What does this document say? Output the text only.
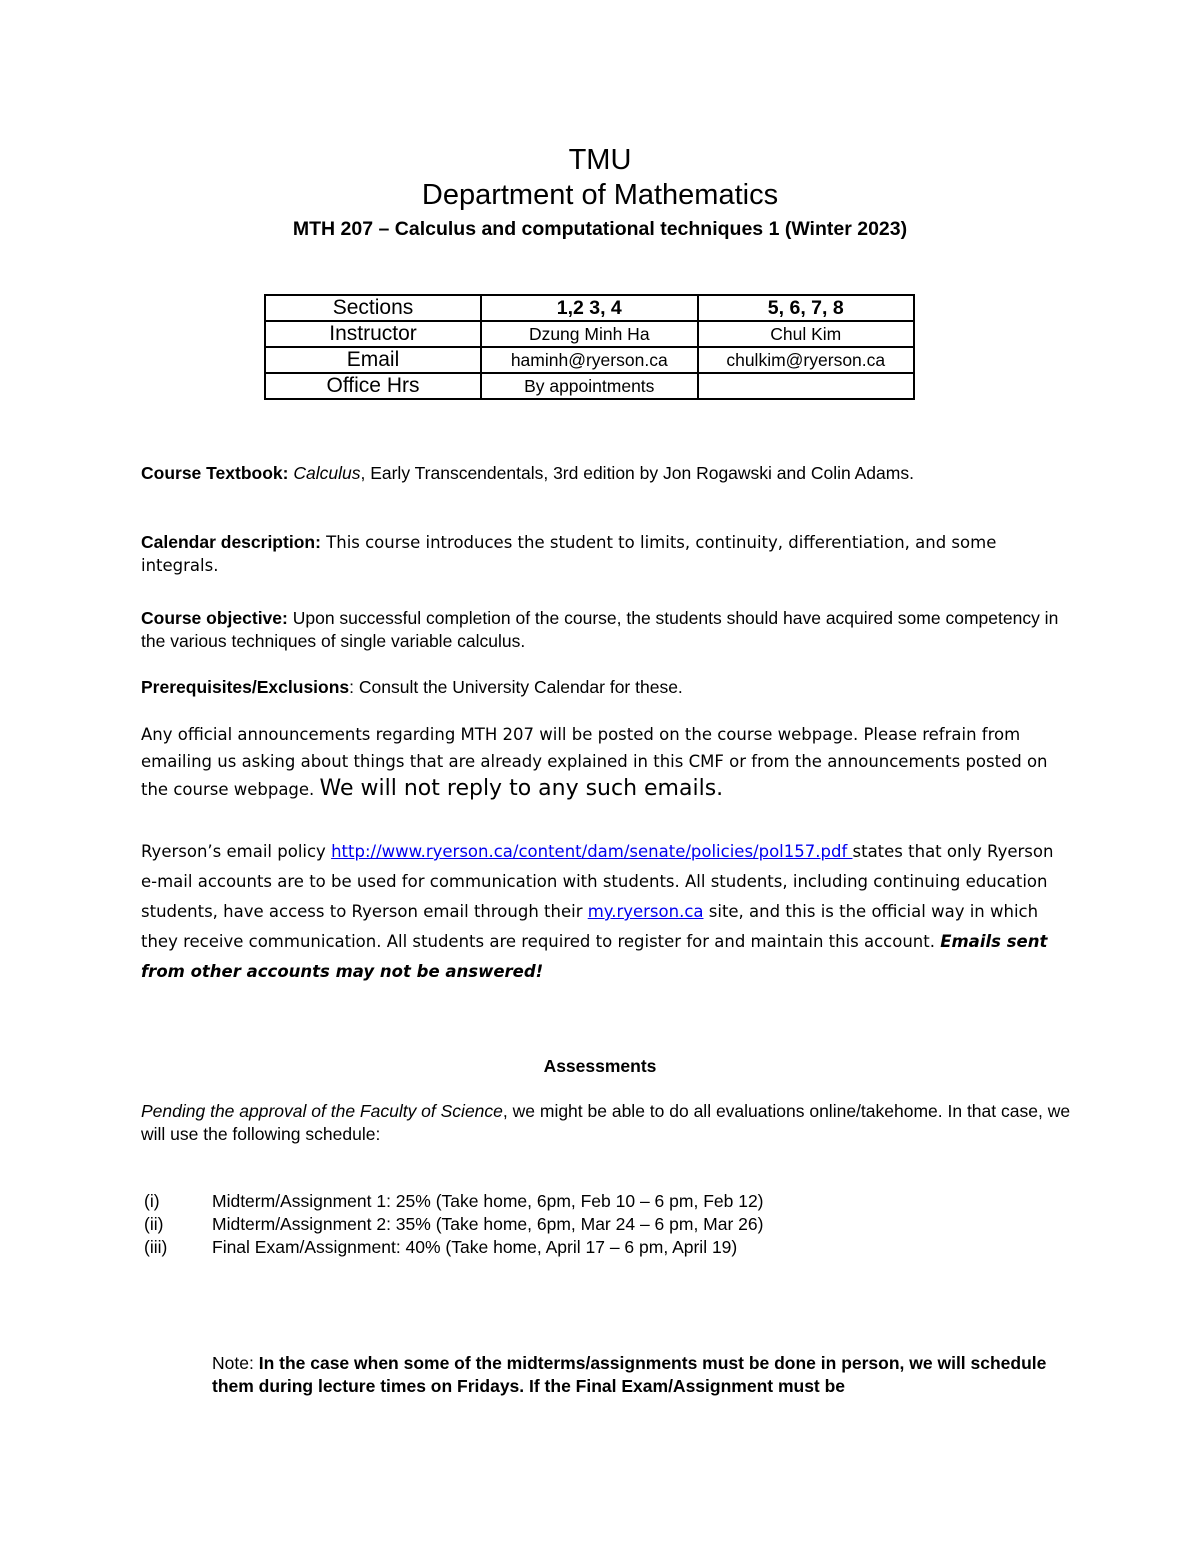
TMU
Department of Mathematics
MTH 207 – Calculus and computational techniques 1 (Winter 2023)
Sections	1,2 3, 4	5, 6, 7, 8
Instructor	Dzung Minh Ha	Chul Kim
Email	haminh@ryerson.ca	chulkim@ryerson.ca
Office Hrs	By appointments	
Course Textbook: Calculus, Early Transcendentals, 3rd edition by Jon Rogawski and Colin Adams.
Calendar description: This course introduces the student to limits, continuity, differentiation, and some integrals.
Course objective: Upon successful completion of the course, the students should have acquired some competency in the various techniques of single variable calculus.
Prerequisites/Exclusions: Consult the University Calendar for these.
Any official announcements regarding MTH 207 will be posted on the course webpage. Please refrain from emailing us asking about things that are already explained in this CMF or from the announcements posted on the course webpage. We will not reply to any such emails.
Ryerson’s email policy http://www.ryerson.ca/content/dam/senate/policies/pol157.pdf states that only Ryerson e-mail accounts are to be used for communication with students. All students, including continuing education students, have access to Ryerson email through their my.ryerson.ca site, and this is the official way in which they receive communication. All students are required to register for and maintain this account. Emails sent from other accounts may not be answered!
Assessments
Pending the approval of the Faculty of Science, we might be able to do all evaluations online/takehome. In that case, we will use the following schedule:
(i)	Midterm/Assignment 1: 25% (Take home, 6pm, Feb 10 – 6 pm, Feb 12)
(ii)	Midterm/Assignment 2: 35% (Take home, 6pm, Mar 24 – 6 pm, Mar 26)
(iii)	Final Exam/Assignment: 40% (Take home, April 17 – 6 pm, April 19)
Note: In the case when some of the midterms/assignments must be done in person, we will schedule them during lecture times on Fridays. If the Final Exam/Assignment must be
